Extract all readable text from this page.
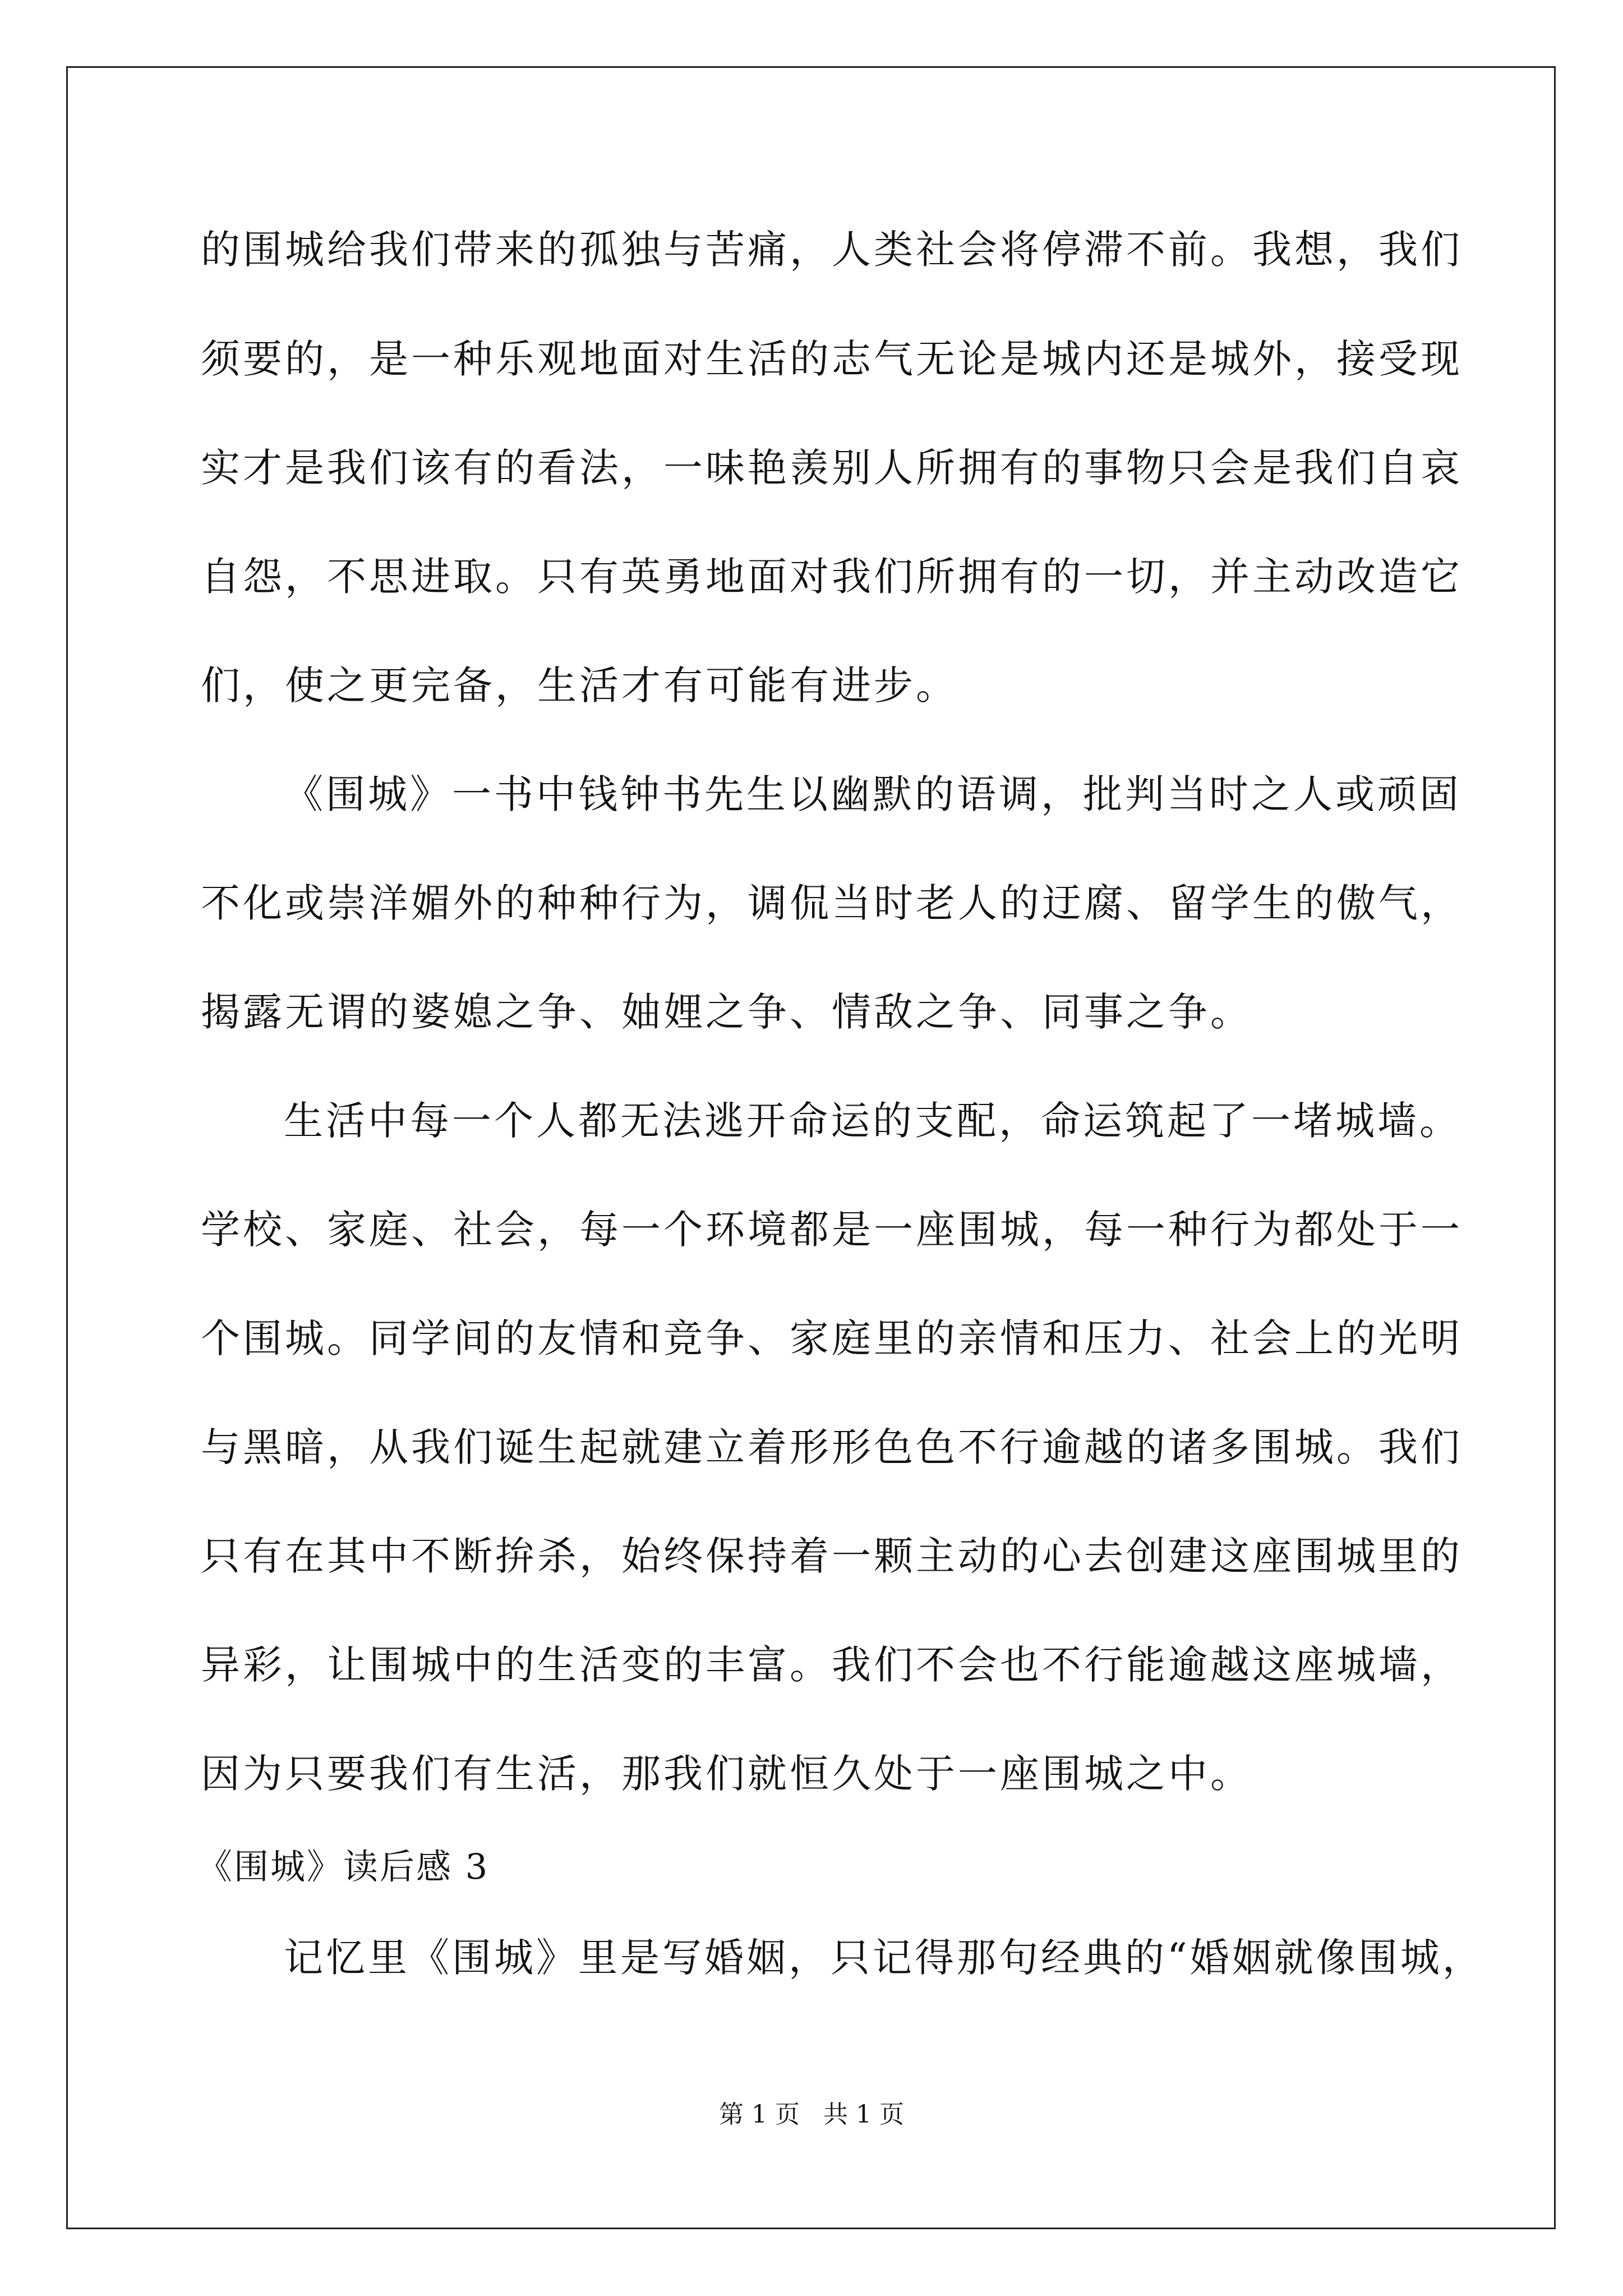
的围城给我们带来的孤独与苦痛，人类社会将停滞不前。我想，我们
须要的，是一种乐观地面对生活的志气无论是城内还是城外，接受现
实才是我们该有的看法，一味艳羡别人所拥有的事物只会是我们自哀
自怨，不思进取。只有英勇地面对我们所拥有的一切，并主动改造它
们，使之更完备，生活才有可能有进步。
《围城》一书中钱钟书先生以幽默的语调，批判当时之人或顽固
不化或崇洋媚外的种种行为，调侃当时老人的迂腐、留学生的傲气，
揭露无谓的婆媳之争、妯娌之争、情敌之争、同事之争。
生活中每一个人都无法逃开命运的支配，命运筑起了一堵城墙。
学校、家庭、社会，每一个环境都是一座围城，每一种行为都处于一
个围城。同学间的友情和竞争、家庭里的亲情和压力、社会上的光明
与黑暗，从我们诞生起就建立着形形色色不行逾越的诸多围城。我们
只有在其中不断拚杀，始终保持着一颗主动的心去创建这座围城里的
异彩，让围城中的生活变的丰富。我们不会也不行能逾越这座城墙，
因为只要我们有生活，那我们就恒久处于一座围城之中。
《围城》读后感 3
记忆里《围城》里是写婚姻，只记得那句经典的“婚姻就像围城，
第 1 页   共 1 页
